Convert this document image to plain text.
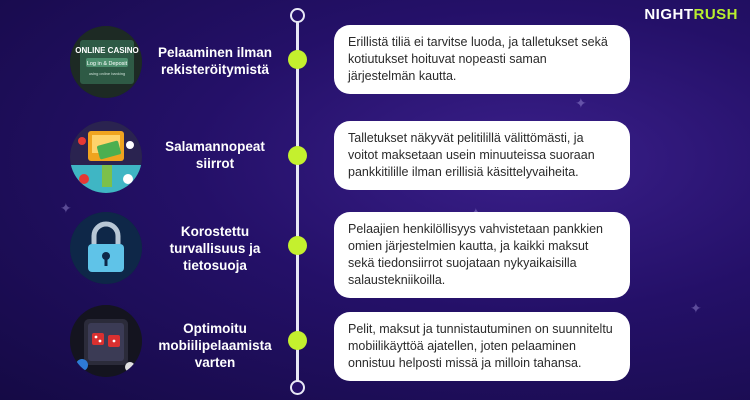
NIGHTRUSH
✦
✦
✦
ONLINE CASINO
Log in & Deposit
using online banking
Pelaaminen ilman rekisteröitymistä
Erillistä tiliä ei tarvitse luoda, ja talletukset sekä kotiutukset hoituvat nopeasti saman järjestelmän kautta.
Salamannopeat siirrot
Talletukset näkyvät pelitilillä välittömästi, ja voitot maksetaan usein minuuteissa suoraan pankkitilille ilman erillisiä käsittelyvaiheita.
Korostettu turvallisuus ja tietosuoja
Pelaajien henkilöllisyys vahvistetaan pankkien omien järjestelmien kautta, ja kaikki maksut sekä tiedonsiirrot suojataan nykyaikaisilla salaustekniikoilla.
Optimoitu mobiilipelaamista varten
Pelit, maksut ja tunnistautuminen on suunniteltu mobiilikäyttöä ajatellen, joten pelaaminen onnistuu helposti missä ja milloin tahansa.
